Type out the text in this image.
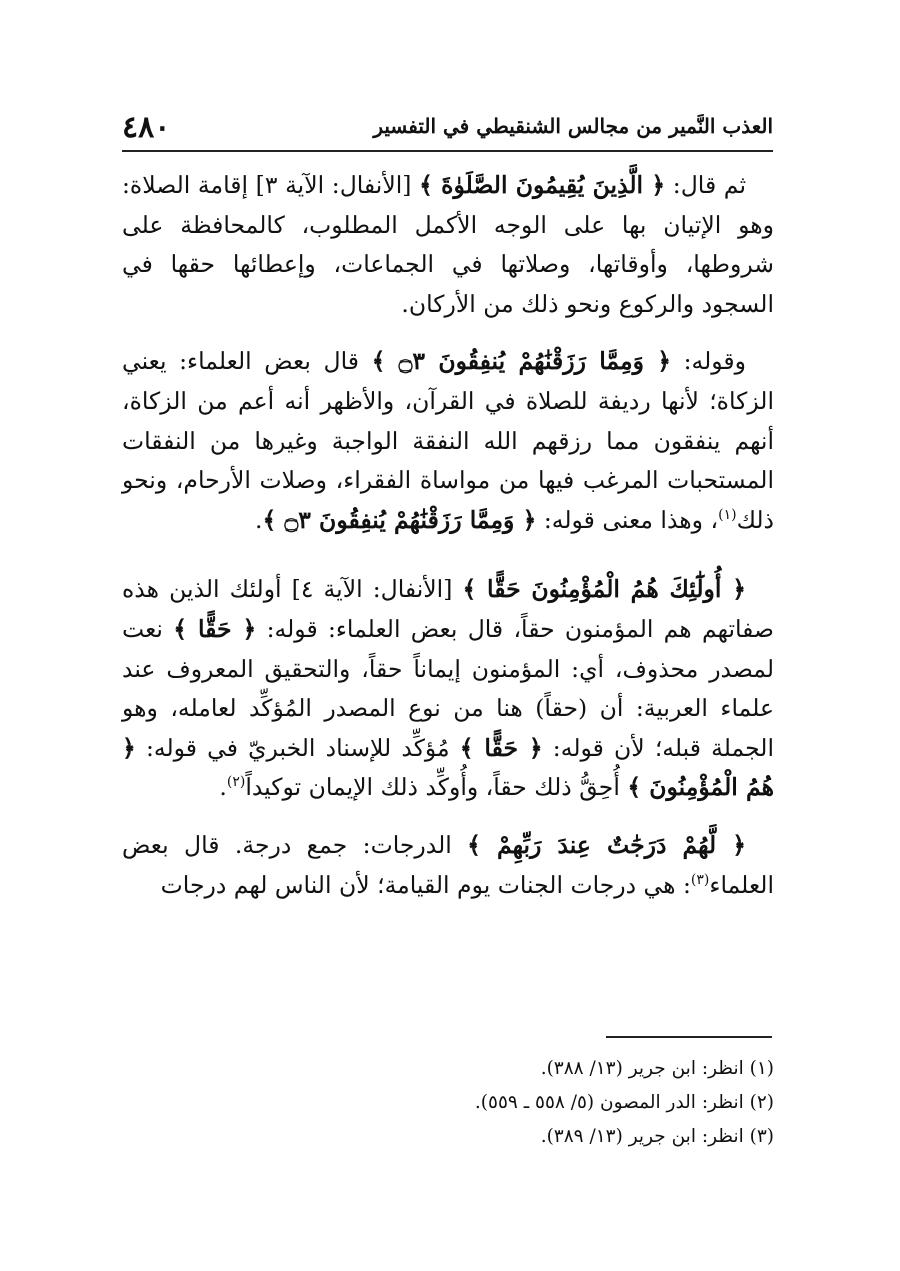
٤٨٠	العذب النَّمير من مجالس الشنقيطي في التفسير

ثم قال: ﴿ الَّذِينَ يُقِيمُونَ الصَّلَوٰةَ ﴾ [الأنفال: الآية ٣] إقامة الصلاة: وهو الإتيان بها على الوجه الأكمل المطلوب، كالمحافظة على شروطها، وأوقاتها، وصلاتها في الجماعات، وإعطائها حقها في السجود والركوع ونحو ذلك من الأركان.

وقوله: ﴿ وَمِمَّا رَزَقْنَٰهُمْ يُنفِقُونَ ۝٣ ﴾ قال بعض العلماء: يعني الزكاة؛ لأنها رديفة للصلاة في القرآن، والأظهر أنه أعم من الزكاة، أنهم ينفقون مما رزقهم الله النفقة الواجبة وغيرها من النفقات المستحبات المرغب فيها من مواساة الفقراء، وصلات الأرحام، ونحو ذلك$^{(١)}$، وهذا معنى قوله: ﴿ وَمِمَّا رَزَقْنَٰهُمْ يُنفِقُونَ ۝٣ ﴾.

﴿ أُولَٰٓئِكَ هُمُ الْمُؤْمِنُونَ حَقًّا ﴾ [الأنفال: الآية ٤] أولئك الذين هذه صفاتهم هم المؤمنون حقاً، قال بعض العلماء: قوله: ﴿ حَقًّا ﴾ نعت لمصدر محذوف، أي: المؤمنون إيماناً حقاً، والتحقيق المعروف عند علماء العربية: أن (حقاً) هنا من نوع المصدر المُؤكِّد لعامله، وهو الجملة قبله؛ لأن قوله: ﴿ حَقًّا ﴾ مُؤكِّد للإسناد الخبريّ في قوله: ﴿ هُمُ الْمُؤْمِنُونَ ﴾ أُحِقُّ ذلك حقاً، وأُوكِّد ذلك الإيمان توكيداً$^{(٢)}$.

﴿ لَّهُمْ دَرَجَٰتٌ عِندَ رَبِّهِمْ ﴾ الدرجات: جمع درجة. قال بعض العلماء$^{(٣)}$: هي درجات الجنات يوم القيامة؛ لأن الناس لهم درجات

(١) انظر: ابن جرير (١٣/ ٣٨٨).
(٢) انظر: الدر المصون (٥/ ٥٥٨ ـ ٥٥٩).
(٣) انظر: ابن جرير (١٣/ ٣٨٩).
